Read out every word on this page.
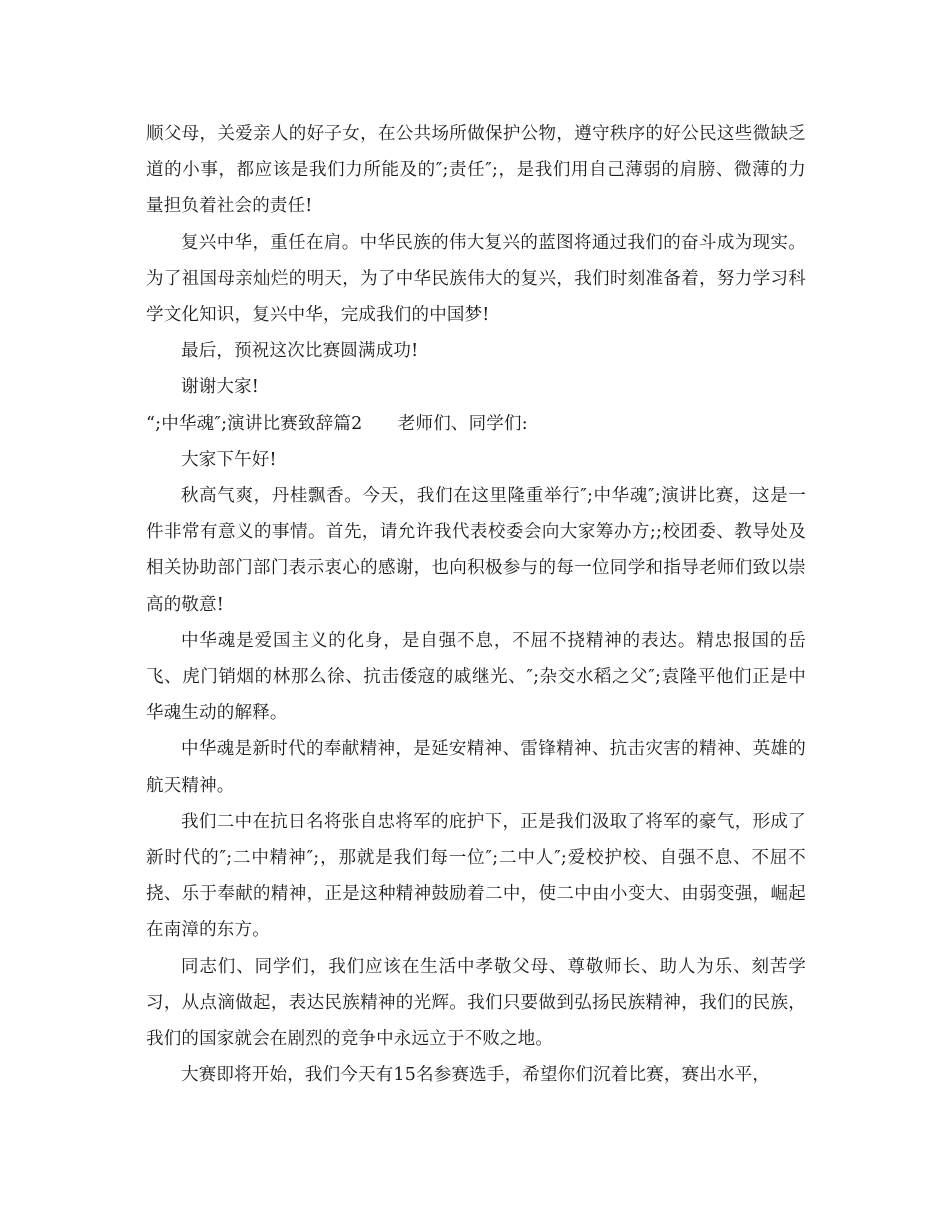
顺父母，关爱亲人的好子女，在公共场所做保护公物，遵守秩序的好公民这些微缺乏道的小事，都应该是我们力所能及的″;责任″;，是我们用自己薄弱的肩膀、微薄的力量担负着社会的责任!

复兴中华，重任在肩。中华民族的伟大复兴的蓝图将通过我们的奋斗成为现实。为了祖国母亲灿烂的明天，为了中华民族伟大的复兴，我们时刻准备着，努力学习科学文化知识，复兴中华，完成我们的中国梦!

最后，预祝这次比赛圆满成功!

谢谢大家!

“;中华魂″;演讲比赛致辞篇2　　老师们、同学们:

大家下午好!

秋高气爽，丹桂飘香。今天，我们在这里隆重举行″;中华魂″;演讲比赛，这是一件非常有意义的事情。首先，请允许我代表校委会向大家筹办方;;校团委、教导处及相关协助部门部门表示衷心的感谢，也向积极参与的每一位同学和指导老师们致以崇高的敬意!

中华魂是爱国主义的化身，是自强不息，不屈不挠精神的表达。精忠报国的岳飞、虎门销烟的林那么徐、抗击倭寇的戚继光、″;杂交水稻之父″;袁隆平他们正是中华魂生动的解释。

中华魂是新时代的奉献精神，是延安精神、雷锋精神、抗击灾害的精神、英雄的航天精神。

我们二中在抗日名将张自忠将军的庇护下，正是我们汲取了将军的豪气，形成了新时代的″;二中精神″;，那就是我们每一位″;二中人″;爱校护校、自强不息、不屈不挠、乐于奉献的精神，正是这种精神鼓励着二中，使二中由小变大、由弱变强，崛起在南漳的东方。

同志们、同学们，我们应该在生活中孝敬父母、尊敬师长、助人为乐、刻苦学习，从点滴做起，表达民族精神的光辉。我们只要做到弘扬民族精神，我们的民族，我们的国家就会在剧烈的竞争中永远立于不败之地。

大赛即将开始，我们今天有15名参赛选手，希望你们沉着比赛，赛出水平，
